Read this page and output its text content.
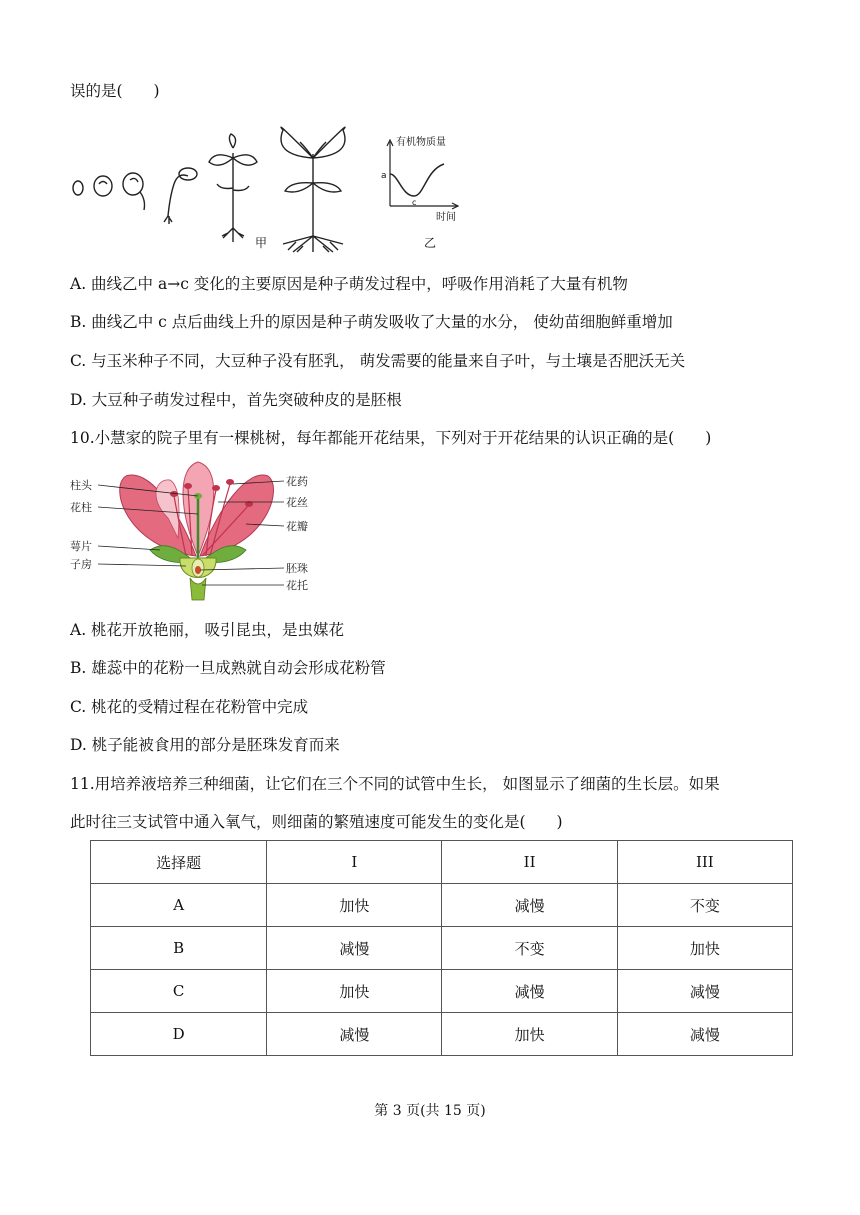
误的是(　　)
甲
有机物质量
a
c
时间
乙
A. 曲线乙中 a→c 变化的主要原因是种子萌发过程中，呼吸作用消耗了大量有机物
B. 曲线乙中 c 点后曲线上升的原因是种子萌发吸收了大量的水分， 使幼苗细胞鲜重增加
C. 与玉米种子不同，大豆种子没有胚乳， 萌发需要的能量来自子叶，与土壤是否肥沃无关
D. 大豆种子萌发过程中，首先突破种皮的是胚根
10.小慧家的院子里有一棵桃树，每年都能开花结果，下列对于开花结果的认识正确的是(　　)
柱头
花柱
萼片
子房
花药
花丝
花瓣
胚珠
花托
A. 桃花开放艳丽， 吸引昆虫，是虫媒花
B. 雄蕊中的花粉一旦成熟就自动会形成花粉管
C. 桃花的受精过程在花粉管中完成
D. 桃子能被食用的部分是胚珠发育而来
11.用培养液培养三种细菌，让它们在三个不同的试管中生长， 如图显示了细菌的生长层。如果
此时往三支试管中通入氧气，则细菌的繁殖速度可能发生的变化是(　　)
选择题	I	II	III
A	加快	减慢	不变
B	减慢	不变	加快
C	加快	减慢	减慢
D	减慢	加快	减慢
第 3 页(共 15 页)
